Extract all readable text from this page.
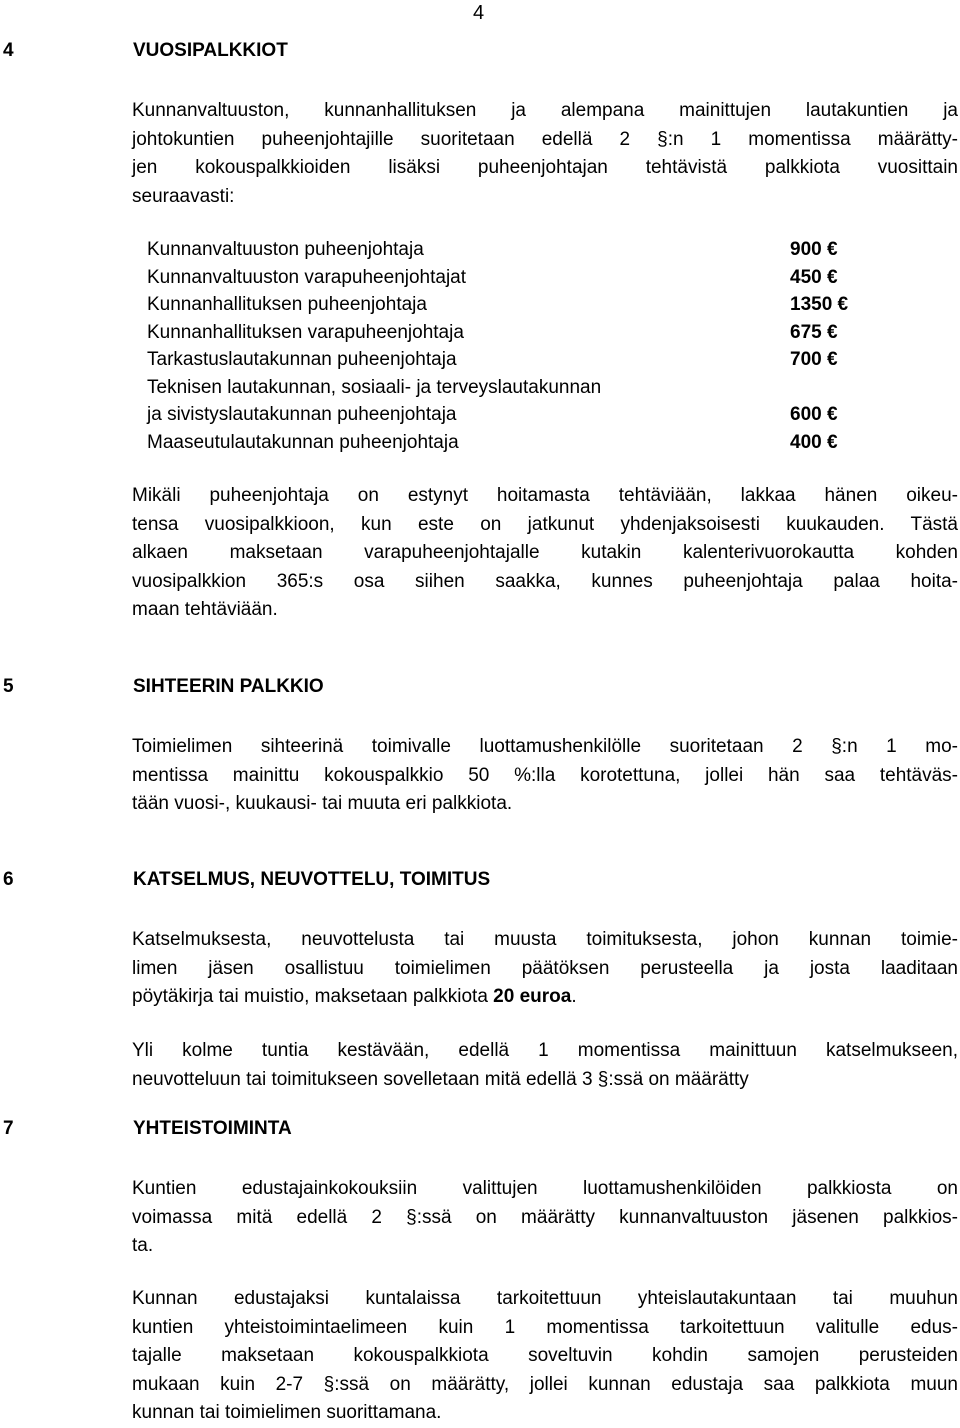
4
4	VUOSIPALKKIOT
Kunnanvaltuuston, kunnanhallituksen ja alempana mainittujen lautakuntien ja
johtokuntien puheenjohtajille suoritetaan edellä 2 §:n 1 momentissa määrätty-
jen kokouspalkkioiden lisäksi puheenjohtajan tehtävistä palkkiota vuosittain
seuraavasti:
Kunnanvaltuuston puheenjohtaja	900 €
Kunnanvaltuuston varapuheenjohtajat	450 €
Kunnanhallituksen puheenjohtaja	1350 €
Kunnanhallituksen varapuheenjohtaja	675 €
Tarkastuslautakunnan puheenjohtaja	700 €
Teknisen lautakunnan, sosiaali- ja terveyslautakunnan
ja sivistyslautakunnan puheenjohtaja	600 €
Maaseutulautakunnan puheenjohtaja	400 €
Mikäli puheenjohtaja on estynyt hoitamasta tehtäviään, lakkaa hänen oikeu-
tensa vuosipalkkioon, kun este on jatkunut yhdenjaksoisesti kuukauden. Tästä
alkaen maksetaan varapuheenjohtajalle kutakin kalenterivuorokautta kohden
vuosipalkkion 365:s osa siihen saakka, kunnes puheenjohtaja palaa hoita-
maan tehtäviään.
5	SIHTEERIN PALKKIO
Toimielimen sihteerinä toimivalle luottamushenkilölle suoritetaan 2 §:n 1 mo-
mentissa mainittu kokouspalkkio 50 %:lla korotettuna, jollei hän saa tehtäväs-
tään vuosi-, kuukausi- tai muuta eri palkkiota.
6	KATSELMUS, NEUVOTTELU, TOIMITUS
Katselmuksesta, neuvottelusta tai muusta toimituksesta, johon kunnan toimie-
limen jäsen osallistuu toimielimen päätöksen perusteella ja josta laaditaan
pöytäkirja tai muistio, maksetaan palkkiota 20 euroa.
Yli kolme tuntia kestävään, edellä 1 momentissa mainittuun katselmukseen,
neuvotteluun tai toimitukseen sovelletaan mitä edellä 3 §:ssä on määrätty
7	YHTEISTOIMINTA
Kuntien edustajainkokouksiin valittujen luottamushenkilöiden palkkiosta on
voimassa mitä edellä 2 §:ssä on määrätty kunnanvaltuuston jäsenen palkkios-
ta.
Kunnan edustajaksi kuntalaissa tarkoitettuun yhteislautakuntaan tai muuhun
kuntien yhteistoimintaelimeen kuin 1 momentissa tarkoitettuun valitulle edus-
tajalle maksetaan kokouspalkkiota soveltuvin kohdin samojen perusteiden
mukaan kuin 2-7 §:ssä on määrätty, jollei kunnan edustaja saa palkkiota muun
kunnan tai toimielimen suorittamana.
